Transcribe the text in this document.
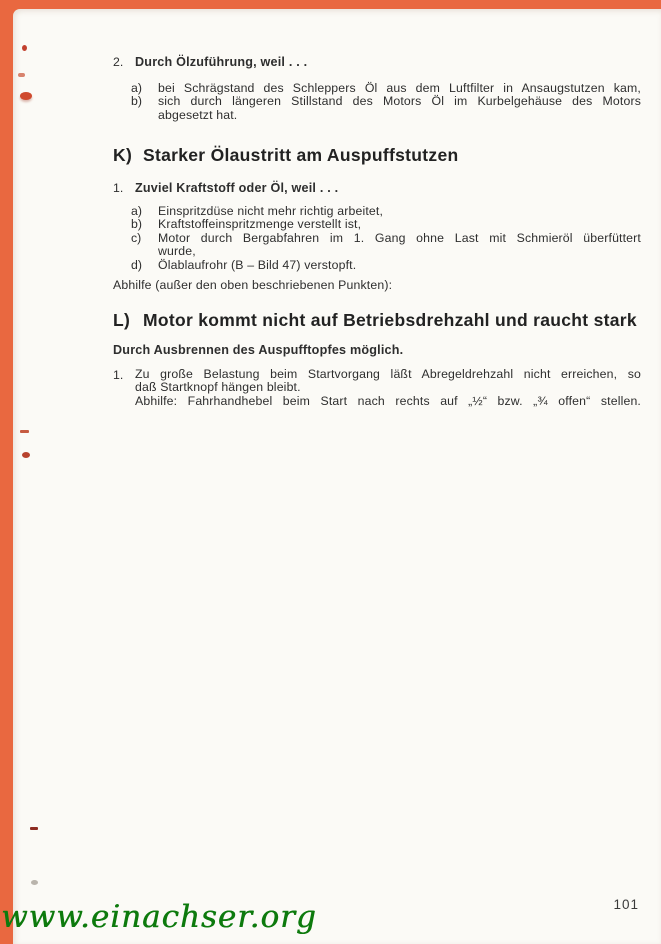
2. Durch Ölzuführung, weil . . .
a)	bei Schrägstand des Schleppers Öl aus dem Luftfilter in Ansaugstutzen kam,
b)	sich durch längeren Stillstand des Motors Öl im Kurbelgehäuse des Motors
abgesetzt hat.
K) Starker Ölaustritt am Auspuffstutzen
1. Zuviel Kraftstoff oder Öl, weil . . .
a)	Einspritzdüse nicht mehr richtig arbeitet,
b)	Kraftstoffeinspritzmenge verstellt ist,
c)	Motor durch Bergabfahren im 1. Gang ohne Last mit Schmieröl überfüttert
wurde,
d)	Ölablaufrohr (B – Bild 47) verstopft.
Abhilfe (außer den oben beschriebenen Punkten):
L) Motor kommt nicht auf Betriebsdrehzahl und raucht stark
Durch Ausbrennen des Auspufftopfes möglich.
1. Zu große Belastung beim Startvorgang läßt Abregeldrehzahl nicht erreichen, so
daß Startknopf hängen bleibt.
Abhilfe: Fahrhandhebel beim Start nach rechts auf „½“ bzw. „¾ offen“ stellen.
101
www.einachser.org
